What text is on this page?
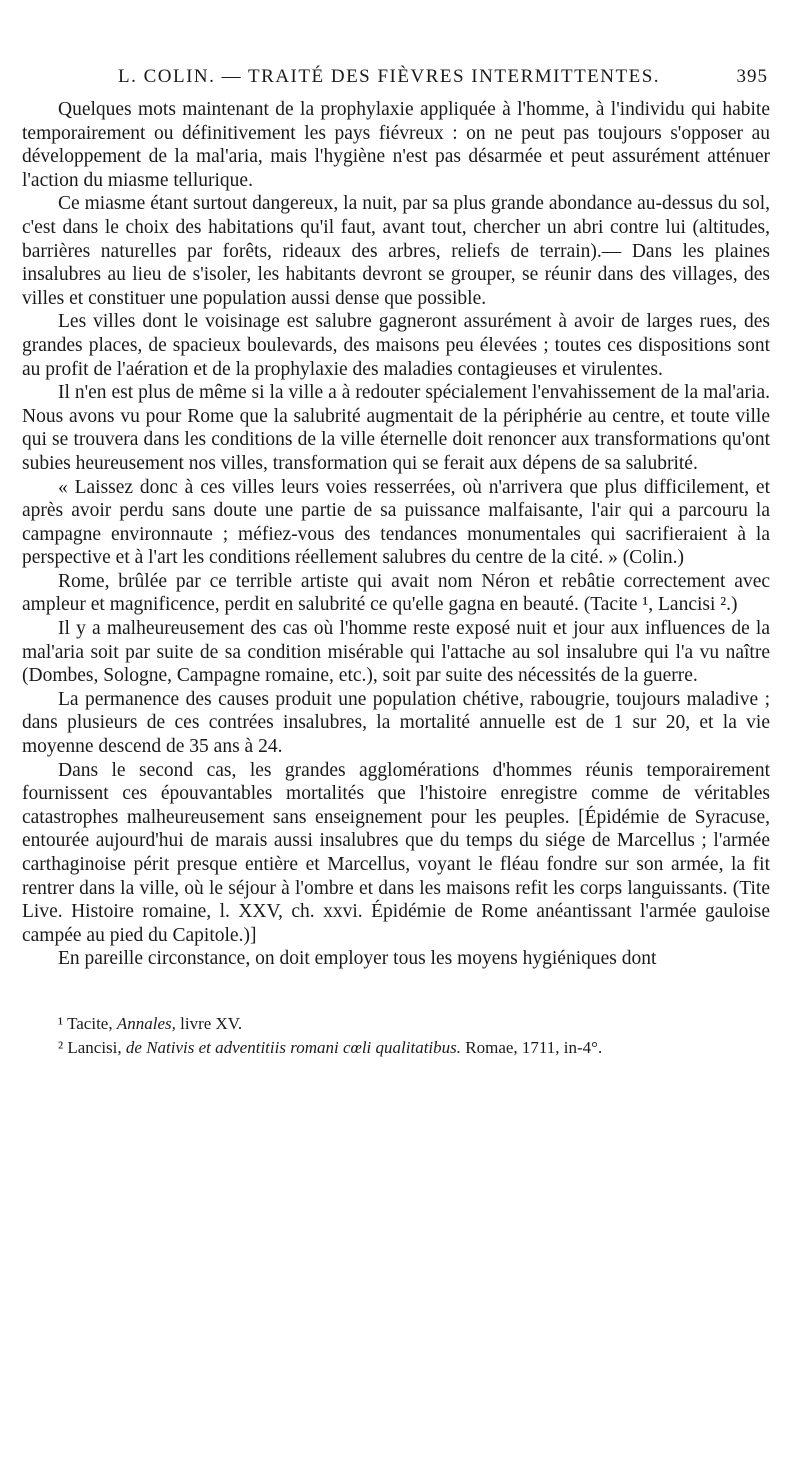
L. COLIN. — TRAITÉ DES FIÈVRES INTERMITTENTES.	395

Quelques mots maintenant de la prophylaxie appliquée à l'homme, à l'individu qui habite temporairement ou définitivement les pays fiévreux : on ne peut pas toujours s'opposer au développement de la mal'aria, mais l'hygiène n'est pas désarmée et peut assurément atténuer l'action du miasme tellurique.

Ce miasme étant surtout dangereux, la nuit, par sa plus grande abondance au-dessus du sol, c'est dans le choix des habitations qu'il faut, avant tout, chercher un abri contre lui (altitudes, barrières naturelles par forêts, rideaux des arbres, reliefs de terrain).— Dans les plaines insalubres au lieu de s'isoler, les habitants devront se grouper, se réunir dans des villages, des villes et constituer une population aussi dense que possible.

Les villes dont le voisinage est salubre gagneront assurément à avoir de larges rues, des grandes places, de spacieux boulevards, des maisons peu élevées ; toutes ces dispositions sont au profit de l'aération et de la prophylaxie des maladies contagieuses et virulentes.

Il n'en est plus de même si la ville a à redouter spécialement l'envahissement de la mal'aria. Nous avons vu pour Rome que la salubrité augmentait de la périphérie au centre, et toute ville qui se trouvera dans les conditions de la ville éternelle doit renoncer aux transformations qu'ont subies heureusement nos villes, transformation qui se ferait aux dépens de sa salubrité.

« Laissez donc à ces villes leurs voies resserrées, où n'arrivera que plus difficilement, et après avoir perdu sans doute une partie de sa puissance malfaisante, l'air qui a parcouru la campagne environnaute ; méfiez-vous des tendances monumentales qui sacrifieraient à la perspective et à l'art les conditions réellement salubres du centre de la cité. » (Colin.)

Rome, brûlée par ce terrible artiste qui avait nom Néron et rebâtie correctement avec ampleur et magnificence, perdit en salubrité ce qu'elle gagna en beauté. (Tacite ¹, Lancisi ².)

Il y a malheureusement des cas où l'homme reste exposé nuit et jour aux influences de la mal'aria soit par suite de sa condition misérable qui l'attache au sol insalubre qui l'a vu naître (Dombes, Sologne, Campagne romaine, etc.), soit par suite des nécessités de la guerre.

La permanence des causes produit une population chétive, rabougrie, toujours maladive ; dans plusieurs de ces contrées insalubres, la mortalité annuelle est de 1 sur 20, et la vie moyenne descend de 35 ans à 24.

Dans le second cas, les grandes agglomérations d'hommes réunis temporairement fournissent ces épouvantables mortalités que l'histoire enregistre comme de véritables catastrophes malheureusement sans enseignement pour les peuples. [Épidémie de Syracuse, entourée aujourd'hui de marais aussi insalubres que du temps du siége de Marcellus ; l'armée carthaginoise périt presque entière et Marcellus, voyant le fléau fondre sur son armée, la fit rentrer dans la ville, où le séjour à l'ombre et dans les maisons refit les corps languissants. (Tite Live. Histoire romaine, l. XXV, ch. xxvi. Épidémie de Rome anéantissant l'armée gauloise campée au pied du Capitole.)]

En pareille circonstance, on doit employer tous les moyens hygiéniques dont

¹ Tacite, Annales, livre XV.

² Lancisi, de Nativis et adventitiis romani cœli qualitatibus. Romae, 1711, in-4°.
